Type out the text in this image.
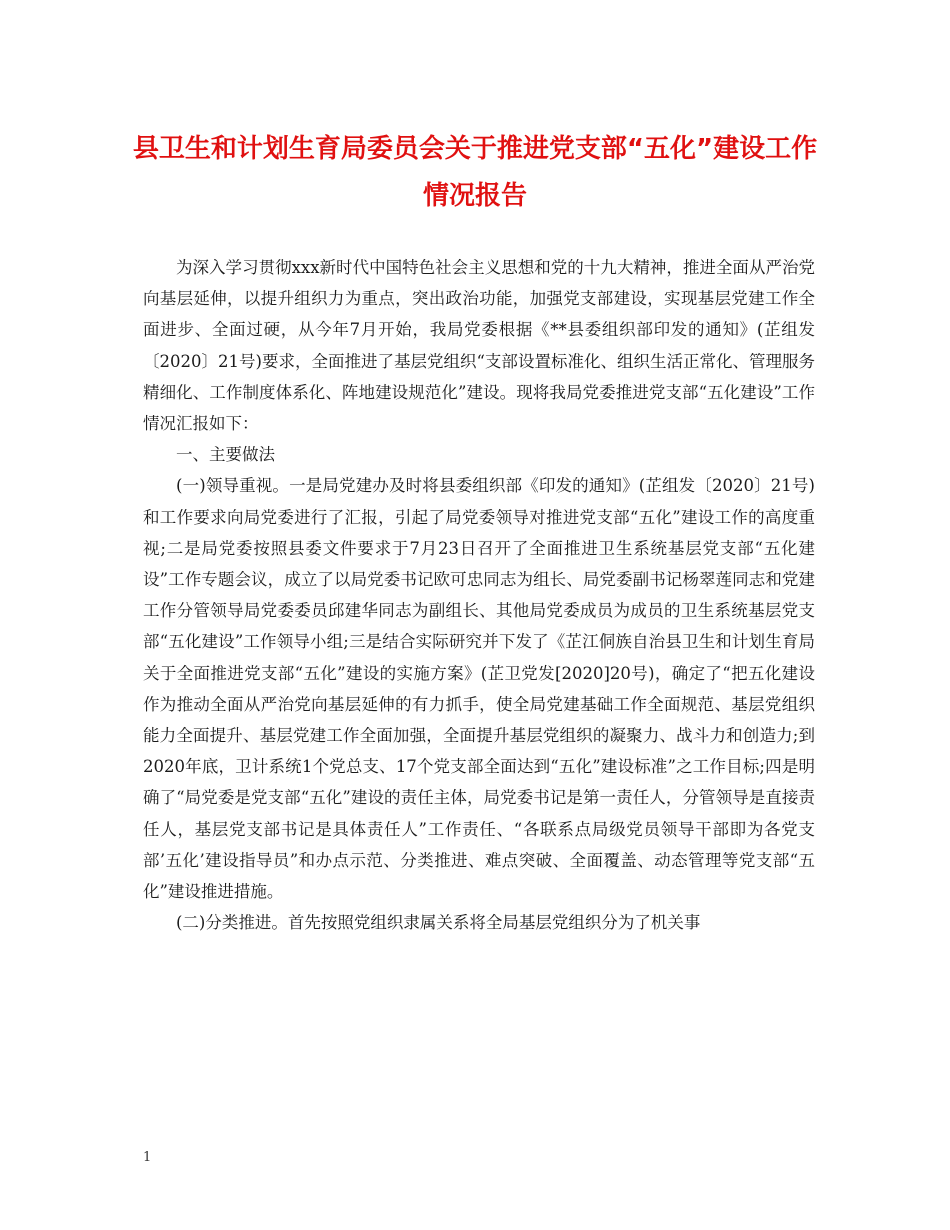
县卫生和计划生育局委员会关于推进党支部“五化”建设工作情况报告

为深入学习贯彻xxx新时代中国特色社会主义思想和党的十九大精神，推进全面从严治党向基层延伸，以提升组织力为重点，突出政治功能，加强党支部建设，实现基层党建工作全面进步、全面过硬，从今年7月开始，我局党委根据《**县委组织部印发的通知》(芷组发〔2020〕21号)要求，全面推进了基层党组织“支部设置标准化、组织生活正常化、管理服务精细化、工作制度体系化、阵地建设规范化”建设。现将我局党委推进党支部“五化建设”工作情况汇报如下：

一、主要做法

(一)领导重视。一是局党建办及时将县委组织部《印发的通知》(芷组发〔2020〕21号)和工作要求向局党委进行了汇报，引起了局党委领导对推进党支部“五化”建设工作的高度重视;二是局党委按照县委文件要求于7月23日召开了全面推进卫生系统基层党支部“五化建设”工作专题会议，成立了以局党委书记欧可忠同志为组长、局党委副书记杨翠莲同志和党建工作分管领导局党委委员邱建华同志为副组长、其他局党委成员为成员的卫生系统基层党支部“五化建设”工作领导小组;三是结合实际研究并下发了《芷江侗族自治县卫生和计划生育局关于全面推进党支部“五化”建设的实施方案》(芷卫党发[2020]20号)，确定了“把五化建设作为推动全面从严治党向基层延伸的有力抓手，使全局党建基础工作全面规范、基层党组织能力全面提升、基层党建工作全面加强，全面提升基层党组织的凝聚力、战斗力和创造力;到2020年底，卫计系统1个党总支、17个党支部全面达到“五化”建设标准”之工作目标;四是明确了“局党委是党支部“五化”建设的责任主体，局党委书记是第一责任人，分管领导是直接责任人，基层党支部书记是具体责任人”工作责任、“各联系点局级党员领导干部即为各党支部’五化’建设指导员”和办点示范、分类推进、难点突破、全面覆盖、动态管理等党支部“五化”建设推进措施。

(二)分类推进。首先按照党组织隶属关系将全局基层党组织分为了机关事

1
